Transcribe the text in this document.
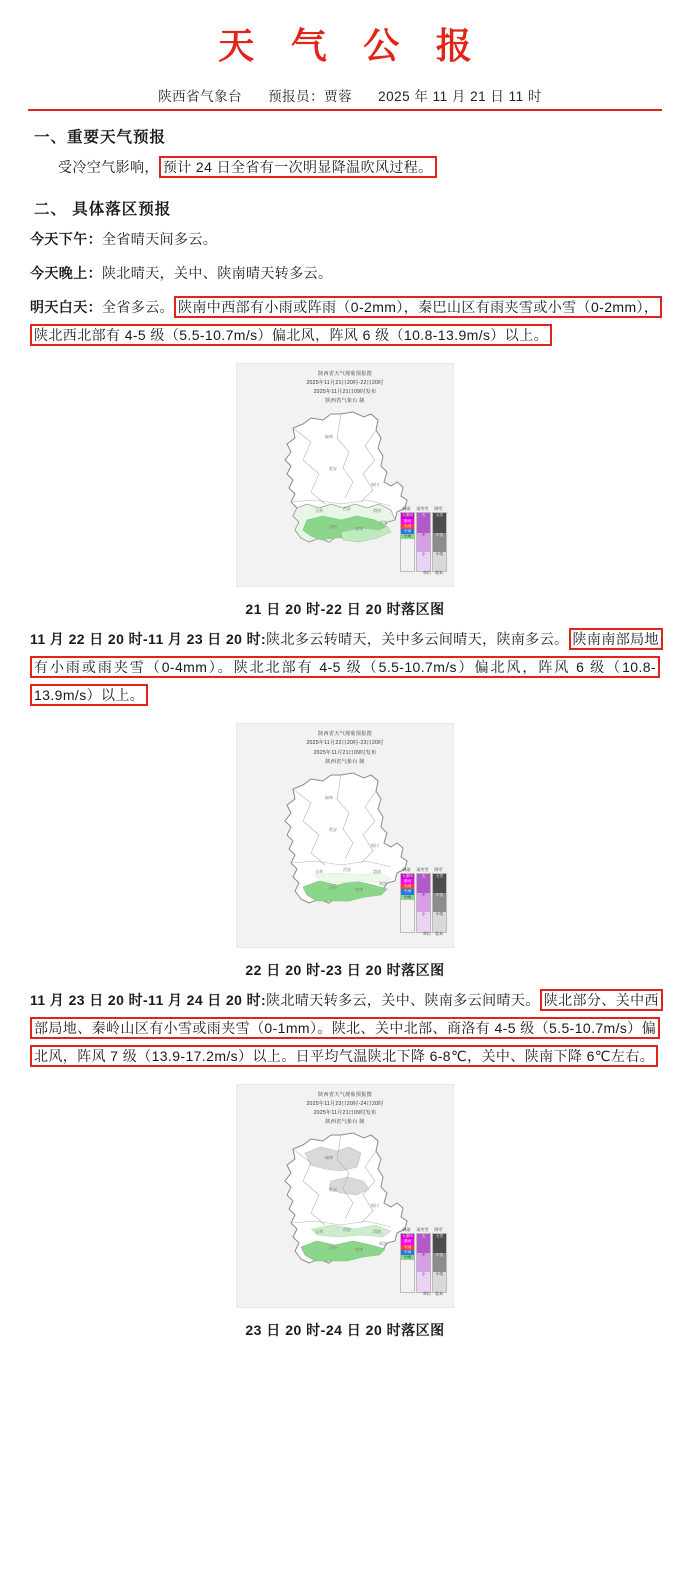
天 气 公 报
陕西省气象台 预报员：贾蓉 2025 年 11 月 21 日 11 时
一、重要天气预报
受冷空气影响， 预计 24 日全省有一次明显降温吹风过程。
二、 具体落区预报
今天下午：全省晴天间多云。
今天晚上：陕北晴天，关中、陕南晴天转多云。
明天白天：全省多云。 陕南中西部有小雨或阵雨（0-2mm），秦巴山区有雨夹雪或小雪（0-2mm），陕北西北部有 4-5 级（5.5-10.7m/s）偏北风，阵风 6 级（10.8-13.9m/s）以上。
陕西省天气现象预报图
2025年11月21日20时-22日20时
2025年11月21日09时发布
陕西省气象台 制
榆林
延安
铜川
宝鸡	西安	渭南
汉中	安康
商洛
降雨
大暴雨
暴雨
大雨
中雨
小雨
雨夹雪
大
中
小
降雪
大雪
中雪
小雪
单位：毫米
21 日 20 时-22 日 20 时落区图
11 月 22 日 20 时-11 月 23 日 20 时:陕北多云转晴天，关中多云间晴天，陕南多云。 陕南南部局地有小雨或雨夹雪（0-4mm）。陕北北部有 4-5 级（5.5-10.7m/s）偏北风，阵风 6 级（10.8-13.9m/s）以上。
陕西省天气现象预报图
2025年11月22日20时-23日20时
2025年11月21日09时发布
陕西省气象台 制
榆林
延安
铜川
宝鸡	西安	渭南
汉中	安康
商洛
降雨
大暴雨
暴雨
大雨
中雨
小雨
雨夹雪
大
中
小
降雪
大雪
中雪
小雪
单位：毫米
22 日 20 时-23 日 20 时落区图
11 月 23 日 20 时-11 月 24 日 20 时:陕北晴天转多云，关中、陕南多云间晴天。 陕北部分、关中西部局地、秦岭山区有小雪或雨夹雪（0-1mm）。陕北、关中北部、商洛有 4-5 级（5.5-10.7m/s）偏北风，阵风 7 级（13.9-17.2m/s）以上。日平均气温陕北下降 6-8℃，关中、陕南下降 6℃左右。
陕西省天气现象预报图
2025年11月23日20时-24日20时
2025年11月21日09时发布
陕西省气象台 制
榆林
延安
铜川
宝鸡	西安	渭南
汉中	安康
商洛
降雨
大暴雨
暴雨
大雨
中雨
小雨
雨夹雪
大
中
小
降雪
大雪
中雪
小雪
单位：毫米
23 日 20 时-24 日 20 时落区图
